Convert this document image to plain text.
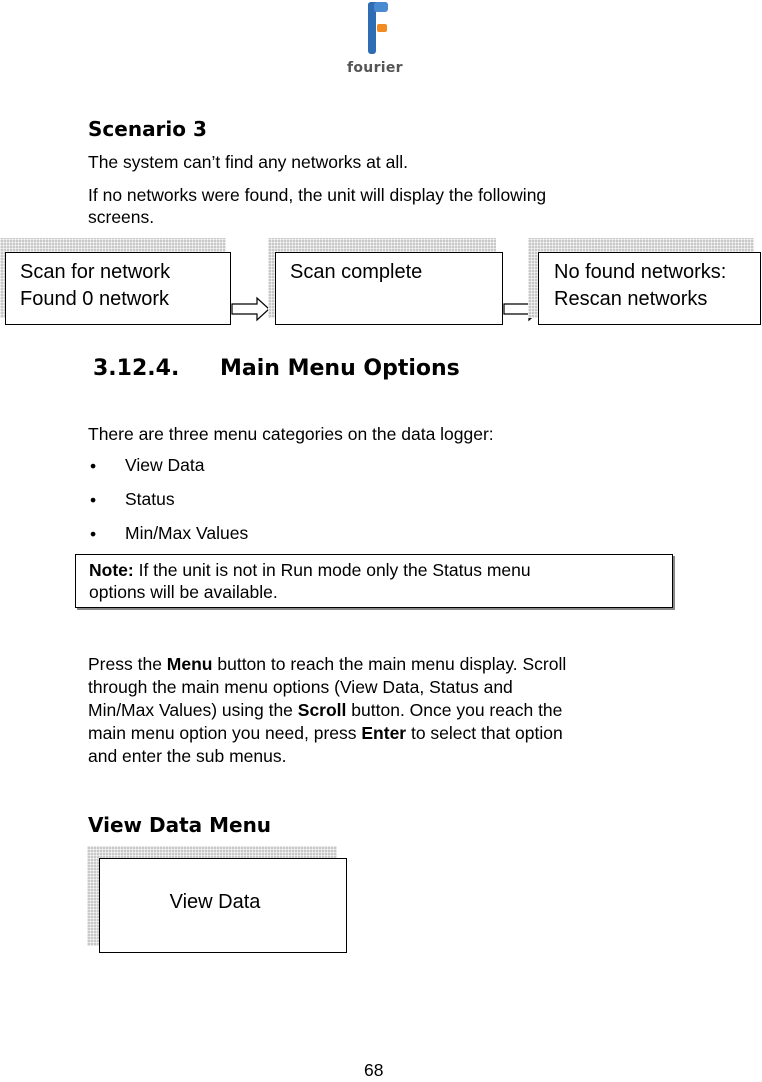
fourier
Scenario 3
The system can’t find any networks at all.
If no networks were found, the unit will display the following
screens.
Scan for network
Found 0 network
Scan complete	No found networks:
Rescan networks
3.12.4. Main Menu Options
There are three menu categories on the data logger:
• View Data
• Status
• Min/Max Values
Note: If the unit is not in Run mode only the Status menu
options will be available.
Press the Menu button to reach the main menu display. Scroll
through the main menu options (View Data, Status and
Min/Max Values) using the Scroll button. Once you reach the
main menu option you need, press Enter to select that option
and enter the sub menus.
View Data Menu
View Data
68
